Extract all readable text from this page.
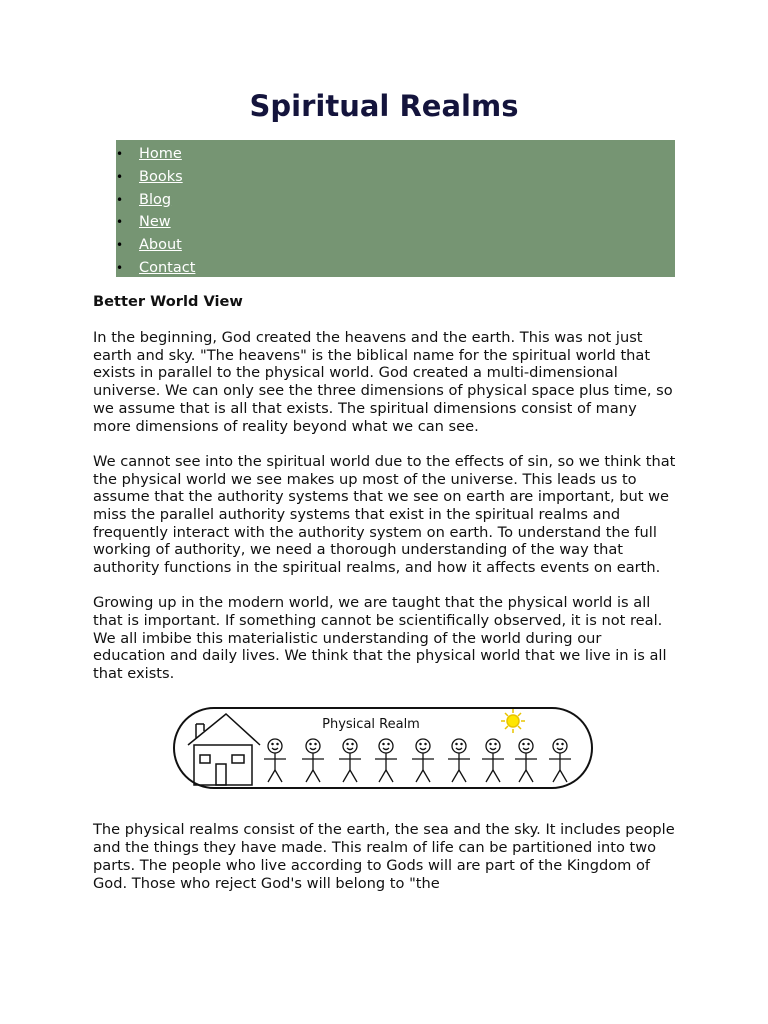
Spiritual Realms
• Home
• Books
• Blog
• New
• About
• Contact

Better World View

In the beginning, God created the heavens and the earth. This was not just earth and sky. "The heavens" is the biblical name for the spiritual world that exists in parallel to the physical world. God created a multi-dimensional universe. We can only see the three dimensions of physical space plus time, so we assume that is all that exists. The spiritual dimensions consist of many more dimensions of reality beyond what we can see.

We cannot see into the spiritual world due to the effects of sin, so we think that the physical world we see makes up most of the universe. This leads us to assume that the authority systems that we see on earth are important, but we miss the parallel authority systems that exist in the spiritual realms and frequently interact with the authority system on earth. To understand the full working of authority, we need a thorough understanding of the way that authority functions in the spiritual realms, and how it affects events on earth.

Growing up in the modern world, we are taught that the physical world is all that is important. If something cannot be scientifically observed, it is not real. We all imbibe this materialistic understanding of the world during our education and daily lives. We think that the physical world that we live in is all that exists.

Physical Realm

The physical realms consist of the earth, the sea and the sky. It includes people and the things they have made. This realm of life can be partitioned into two parts. The people who live according to Gods will are part of the Kingdom of God. Those who reject God's will belong to "the
